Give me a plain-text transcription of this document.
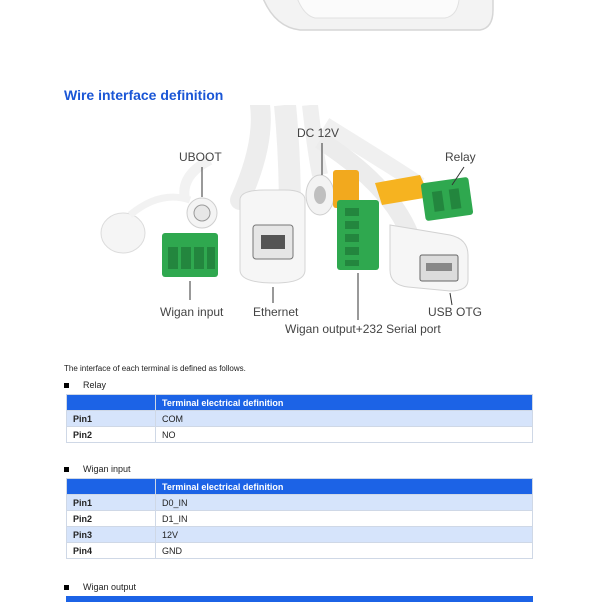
Wire interface definition
DC 12V
UBOOT	Relay
Wigan input Ethernet	USB OTG
Wigan output+232 Serial port
The interface of each terminal is defined as follows.
Relay
	Terminal electrical definition
Pin1	COM
Pin2	NO
Wigan input
	Terminal electrical definition
Pin1	D0_IN
Pin2	D1_IN
Pin3	12V
Pin4	GND
Wigan output
